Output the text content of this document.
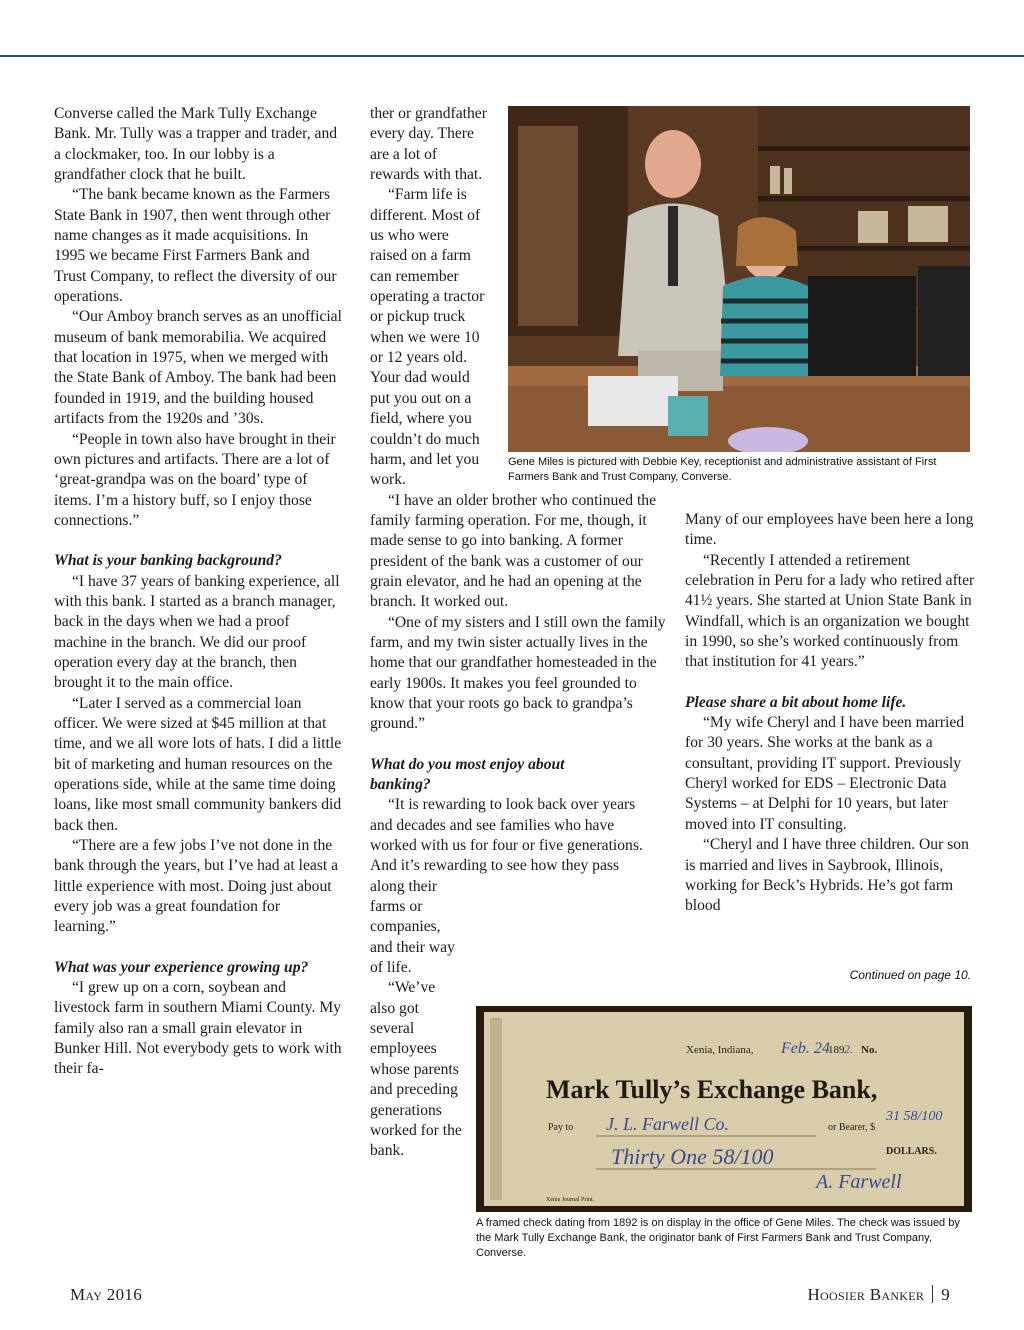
Converse called the Mark Tully Exchange Bank. Mr. Tully was a trapper and trader, and a clockmaker, too. In our lobby is a grandfather clock that he built.

“The bank became known as the Farmers State Bank in 1907, then went through other name changes as it made acquisitions. In 1995 we became First Farmers Bank and Trust Company, to reflect the diversity of our operations.

“Our Amboy branch serves as an unofficial museum of bank memorabilia. We acquired that location in 1975, when we merged with the State Bank of Amboy. The bank had been founded in 1919, and the building housed artifacts from the 1920s and ’30s.

“People in town also have brought in their own pictures and artifacts. There are a lot of ‘great-grandpa was on the board’ type of items. I’m a history buff, so I enjoy those connections.”

What is your banking background?

“I have 37 years of banking experience, all with this bank. I started as a branch manager, back in the days when we had a proof machine in the branch. We did our proof operation every day at the branch, then brought it to the main office.

“Later I served as a commercial loan officer. We were sized at $45 million at that time, and we all wore lots of hats. I did a little bit of marketing and human resources on the operations side, while at the same time doing loans, like most small community bankers did back then.

“There are a few jobs I’ve not done in the bank through the years, but I’ve had at least a little experience with most. Doing just about every job was a great foundation for learning.”

What was your experience growing up?

“I grew up on a corn, soybean and livestock farm in southern Miami County. My family also ran a small grain elevator in Bunker Hill. Not everybody gets to work with their fa-

ther or grandfather every day. There are a lot of rewards with that.

“Farm life is different. Most of us who were raised on a farm can remember operating a tractor or pickup truck when we were 10 or 12 years old. Your dad would put you out on a field, where you couldn’t do much harm, and let you work.

“I have an older brother who continued the family farming operation. For me, though, it made sense to go into banking. A former president of the bank was a customer of our grain elevator, and he had an opening at the branch. It worked out.

“One of my sisters and I still own the family farm, and my twin sister actually lives in the home that our grandfather homesteaded in the early 1900s. It makes you feel grounded to know that your roots go back to grandpa’s ground.”

What do you most enjoy about banking?

“It is rewarding to look back over years and decades and see families who have worked with us for four or five generations. And it’s rewarding to see how they pass along their

farms or companies, and their way of life.

“We’ve also got several employees whose parents and preceding generations worked for the bank.

Gene Miles is pictured with Debbie Key, receptionist and administrative assistant of First Farmers Bank and Trust Company, Converse.

Many of our employees have been here a long time.

“Recently I attended a retirement celebration in Peru for a lady who retired after 41½ years. She started at Union State Bank in Windfall, which is an organization we bought in 1990, so she’s worked continuously from that institution for 41 years.”

Please share a bit about home life.

“My wife Cheryl and I have been married for 30 years. She works at the bank as a consultant, providing IT support. Previously Cheryl worked for EDS – Electronic Data Systems – at Delphi for 10 years, but later moved into IT consulting.

“Cheryl and I have three children. Our son is married and lives in Saybrook, Illinois, working for Beck’s Hybrids. He’s got farm blood

Continued on page 10.
Xenia, Indiana, Feb. 24
189 2. No.
Mark Tully’s Exchange Bank,
Pay to J. L. Farwell Co.	or Bearer, $
31 58/100
Thirty One 58/100	DOLLARS.
A. Farwell
Xenia Journal Print.
A framed check dating from 1892 is on display in the office of Gene Miles. The check was issued by the Mark Tully Exchange Bank, the originator bank of First Farmers Bank and Trust Company, Converse.
May 2016	Hoosier Banker 9
